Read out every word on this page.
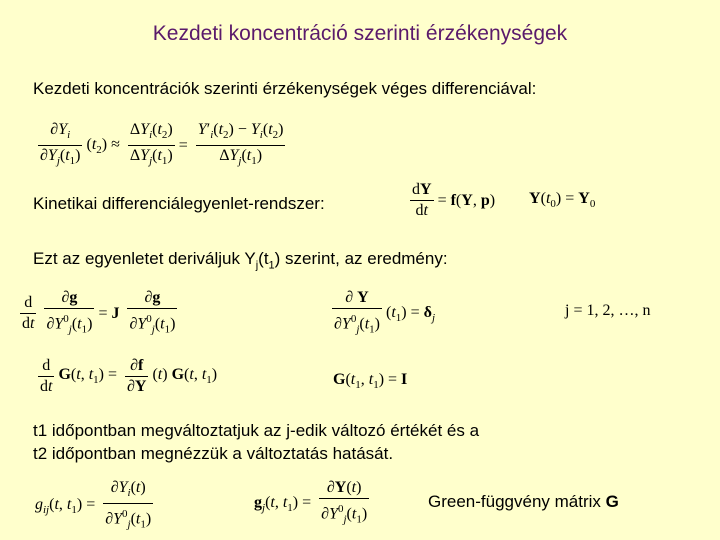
Kezdeti koncentráció szerinti érzékenységek
Kezdeti koncentrációk szerinti érzékenységek véges differenciával:
$\frac{\partial Y_i}{\partial Y_j(t_1)} (t_2) \approx \frac{\Delta Y_i(t_2)}{\Delta Y_j(t_1)} = \frac{Y'_i(t_2) - Y_i(t_2)}{\Delta Y_j(t_1)}$
Kinetikai differenciálegyenlet-rendszer:	$\frac{dY}{dt} = f(Y$, p) $Y(t_0) = Y_0$
Ezt az egyenletet deriváljuk $Y_j(t_1)$ szerint, az eredmény:
$\frac{d}{dt}$
$\frac{\partial g}{\partial Y^0_j(t_1)} = J \frac{\partial g}{\partial Y^0_j(t_1)}$	$\frac{\partial Y}{\partial Y^0_j(t_1)} (t_1) = \delta_j$	j = 1, 2, …, n
$\frac{d}{dt} G(t$, $t_1) = \frac{\partial f}{\partial Y} (t)$ G(t, $t_1$)	$G(t_1$, $t_1) = I$
t1 időpontban megváltoztatjuk az j-edik változó értékét és a
t2 időpontban megnézzük a változtatás hatását.
$g_{ij}(t$, $t_1) = \frac{\partial Y_i(t)}{\partial Y^0_j(t_1)}$	$g_j(t$, $t_1) = \frac{\partial Y(t)}{\partial Y^0_j(t_1)}$	Green-függvény mátrix G
